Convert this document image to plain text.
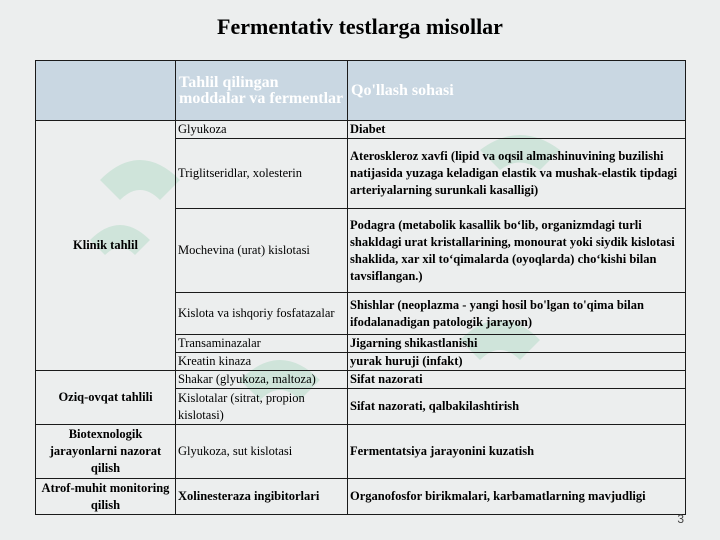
Fermentativ testlarga misollar
	Tahlil qilingan moddalar va fermentlar	Qo'llash sohasi
Klinik tahlil	Glyukoza	Diabet
	Triglitseridlar, xolesterin	Ateroskleroz xavfi (lipid va oqsil almashinuvining buzilishi natijasida yuzaga keladigan elastik va mushak-elastik tipdagi arteriyalarning surunkali kasalligi)
	Mochevina (urat) kislotasi	Podagra (metabolik kasallik bo‘lib, organizmdagi turli shakldagi urat kristallarining, monourat yoki siydik kislotasi shaklida, xar xil to‘qimalarda (oyoqlarda) cho‘kishi bilan tavsiflangan.)
	Kislota va ishqoriy fosfatazalar	Shishlar (neoplazma - yangi hosil bo'lgan to'qima bilan ifodalanadigan patologik jarayon)
	Transaminazalar	Jigarning shikastlanishi
	Kreatin kinaza	yurak huruji (infakt)
Oziq-ovqat tahlili	Shakar (glyukoza, maltoza)	Sifat nazorati
	Kislotalar (sitrat, propion kislotasi)	Sifat nazorati, qalbakilashtirish
Biotexnologik jarayonlarni nazorat qilish	Glyukoza, sut kislotasi	Fermentatsiya jarayonini kuzatish
Atrof-muhit monitoring qilish	Xolinesteraza ingibitorlari	Organofosfor birikmalari, karbamatlarning mavjudligi
3
